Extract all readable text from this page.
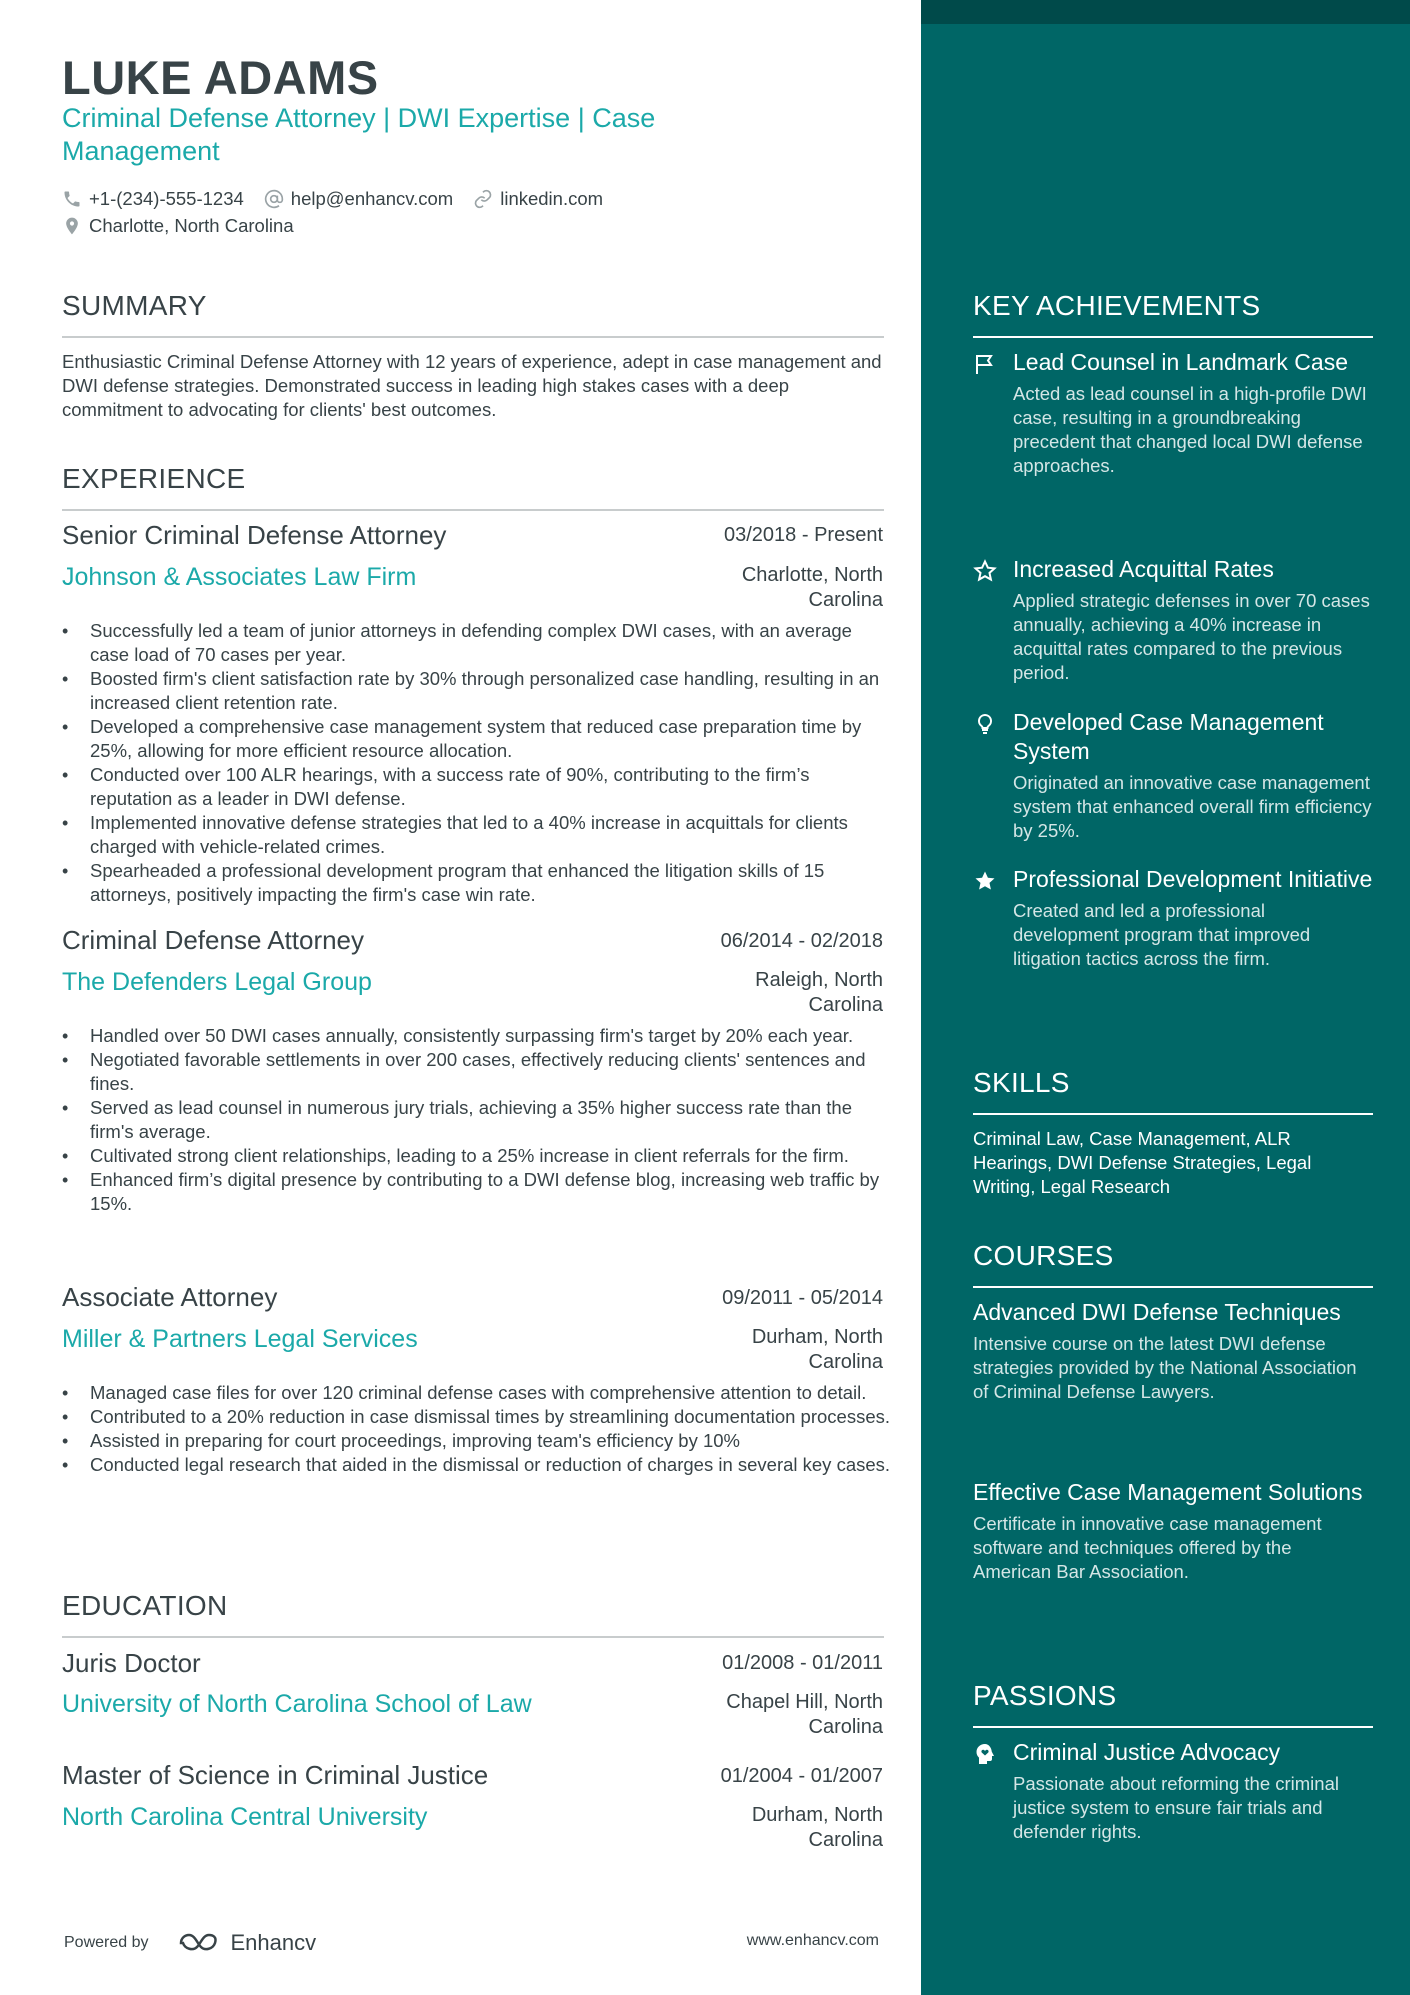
LUKE ADAMS
Criminal Defense Attorney | DWI Expertise | Case Management
+1-(234)-555-1234	help@enhancv.com	linkedin.com
Charlotte, North Carolina
SUMMARY
Enthusiastic Criminal Defense Attorney with 12 years of experience, adept in case management and DWI defense strategies. Demonstrated success in leading high stakes cases with a deep commitment to advocating for clients' best outcomes.
EXPERIENCE
Senior Criminal Defense Attorney	03/2018 - Present
Johnson & Associates Law Firm	Charlotte, North Carolina
• Successfully led a team of junior attorneys in defending complex DWI cases, with an average case load of 70 cases per year.
• Boosted firm's client satisfaction rate by 30% through personalized case handling, resulting in an increased client retention rate.
• Developed a comprehensive case management system that reduced case preparation time by 25%, allowing for more efficient resource allocation.
• Conducted over 100 ALR hearings, with a success rate of 90%, contributing to the firm’s reputation as a leader in DWI defense.
• Implemented innovative defense strategies that led to a 40% increase in acquittals for clients charged with vehicle-related crimes.
• Spearheaded a professional development program that enhanced the litigation skills of 15 attorneys, positively impacting the firm's case win rate.
Criminal Defense Attorney	06/2014 - 02/2018
The Defenders Legal Group	Raleigh, North Carolina
• Handled over 50 DWI cases annually, consistently surpassing firm's target by 20% each year.
• Negotiated favorable settlements in over 200 cases, effectively reducing clients' sentences and fines.
• Served as lead counsel in numerous jury trials, achieving a 35% higher success rate than the firm's average.
• Cultivated strong client relationships, leading to a 25% increase in client referrals for the firm.
• Enhanced firm’s digital presence by contributing to a DWI defense blog, increasing web traffic by 15%.
Associate Attorney	09/2011 - 05/2014
Miller & Partners Legal Services	Durham, North Carolina
• Managed case files for over 120 criminal defense cases with comprehensive attention to detail.
• Contributed to a 20% reduction in case dismissal times by streamlining documentation processes.
• Assisted in preparing for court proceedings, improving team's efficiency by 10%
• Conducted legal research that aided in the dismissal or reduction of charges in several key cases.
EDUCATION
Juris Doctor	01/2008 - 01/2011
University of North Carolina School of Law	Chapel Hill, North Carolina
Master of Science in Criminal Justice	01/2004 - 01/2007
North Carolina Central University	Durham, North Carolina
Powered by	Enhancv	www.enhancv.com
KEY ACHIEVEMENTS
Lead Counsel in Landmark Case
Acted as lead counsel in a high-profile DWI case, resulting in a groundbreaking precedent that changed local DWI defense approaches.
Increased Acquittal Rates
Applied strategic defenses in over 70 cases annually, achieving a 40% increase in acquittal rates compared to the previous period.
Developed Case Management System
Originated an innovative case management system that enhanced overall firm efficiency by 25%.
Professional Development Initiative
Created and led a professional development program that improved litigation tactics across the firm.
SKILLS
Criminal Law, Case Management, ALR Hearings, DWI Defense Strategies, Legal Writing, Legal Research
COURSES
Advanced DWI Defense Techniques
Intensive course on the latest DWI defense strategies provided by the National Association of Criminal Defense Lawyers.
Effective Case Management Solutions
Certificate in innovative case management software and techniques offered by the American Bar Association.
PASSIONS
Criminal Justice Advocacy
Passionate about reforming the criminal justice system to ensure fair trials and defender rights.
